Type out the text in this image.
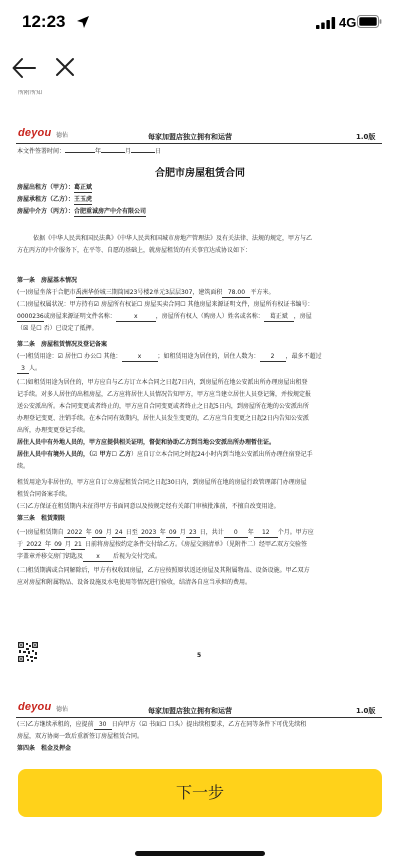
12:23	4G
所附所知
deyou 德佑	每家加盟店独立拥有和运营	1.0版
本文件签署时间：	年	月	日
合肥市房屋租赁合同
房屋出租方（甲方）：葛正斌
房屋承租方（乙方）：王玉虎
房屋中介方（丙方）：合肥重诚房产中介有限公司
依据《中华人民共和国民法典》《中华人民共和国城市房地产管理法》及有关法律、法规的规定，甲方与乙
方在丙方的中介服务下，在平等、自愿的基础上，就房屋租赁的有关事宜达成协议如下：
第一条　房屋基本情况
(一)房屋坐落于合肥市禹洲华侨城三期筒园23号楼2单元3层层307，建筑面积 78.00 平方米。
(二)房屋权属状况：甲方持有☑ 房屋所有权证☐ 房屋买卖合同☐ 其他房屋来源证明文件，房屋所有权证书编号：
0000236或房屋来源证明文件名称：	x	，房屋所有权人（购房人）姓名或名称： 葛正斌 ，房屋
（☒ 是☐ 否）已设定了抵押。
第二条　房屋租赁情况及登记备案
(一)租赁用途：☑ 居住☐ 办公☐ 其他：	x	；如租赁用途为居住的，居住人数为： 2 ，最多不超过
3 人。
(二)如租赁用途为居住的，甲方应自与乙方订立本合同之日起7日内，到房屋所在地公安派出所办理房屋出租登
记手续。对多人居住的出租房屋，乙方应将居住人员情况告知甲方，甲方应当建立居住人员登记簿，并按规定报
送公安派出所。本合同变更或者终止的，甲方应自合同变更或者终止之日起5日内，到房屋所在地的公安派出所
办理登记变更、注销手续。在本合同有效期内，居住人员发生变更的，乙方应当自变更之日起2日内告知公安派
出所，办理变更登记手续。
居住人员中有外地人员的，甲方应提供相关证明，督促和协助乙方到当地公安派出所办理暂住证。
居住人员中有境外人员的，（☑ 甲方☐ 乙方）应自订立本合同之时起24小时内到当地公安派出所办理住宿登记手
续。
租赁用途为非居住的，甲方应自订立房屋租赁合同之日起30日内，到房屋所在地的房屋行政管理部门办理房屋
租赁合同备案手续。
(三)乙方保证在租赁期内未征得甲方书面同意以及按规定经有关部门审核批准前，不擅自改变用途。
第三条　租赁期限
(一)房屋租赁期自 2022 年 09 月 24 日至 2023 年 09 月 23 日，共计 0 年 12 个月。甲方应
于 2022 年 09 月 21 日前将房屋按约定条件交付给乙方。《房屋交割清单》（见附件二）经甲乙双方交验签
字盖章并移交房门钥匙及 x 后视为交付完成。
(二)租赁期满或合同解除后，甲方有权收回房屋，乙方应按照原状返还房屋及其附属物品、设备设施。甲乙双方
应对房屋和附属物品、设备设施及水电使用等情况进行验收，结清各自应当承担的费用。
5
deyou 德佑	每家加盟店独立拥有和运营	1.0版
(三)乙方继续承租的，应提前 30 日向甲方（☑ 书面☐ 口头）提出续租要求，乙方在同等条件下可优先续租
房屋，双方协商一致后重新签订房屋租赁合同。
第四条　租金及押金
下一步
